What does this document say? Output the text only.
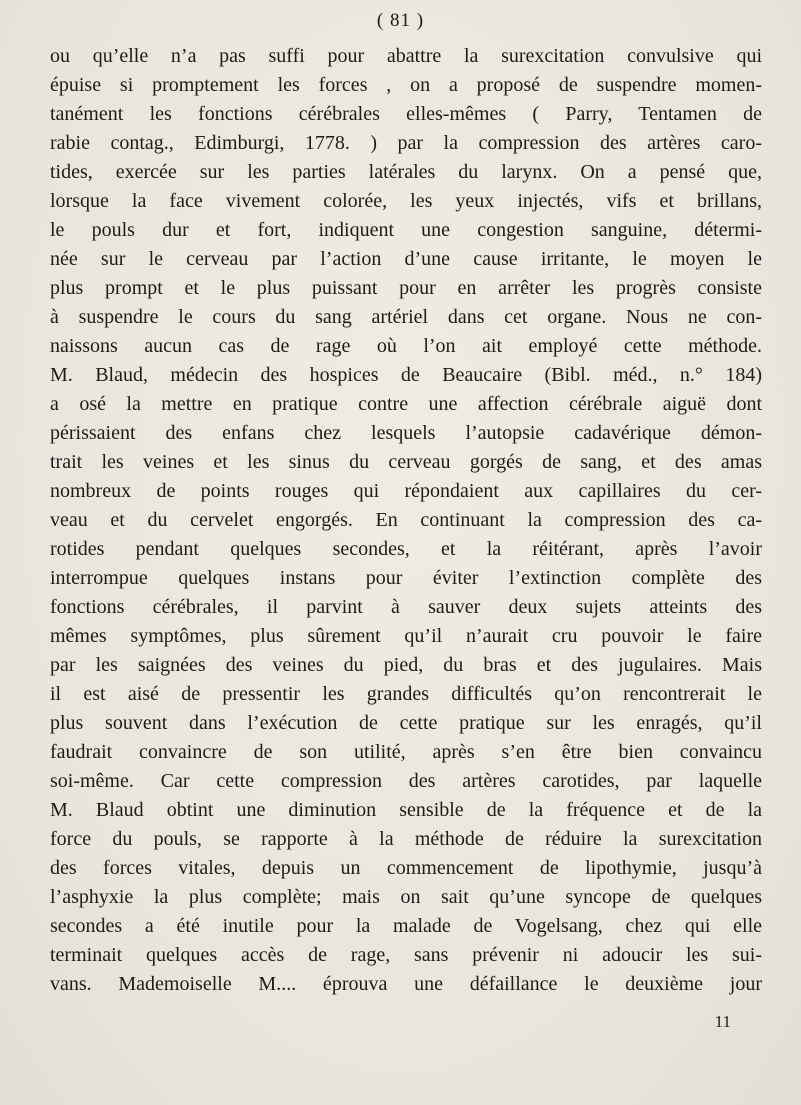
( 81 )
ou qu’elle n’a pas suffi pour abattre la surexcitation convulsive qui
épuise si promptement les forces , on a proposé de suspendre momen-
tanément les fonctions cérébrales elles-mêmes ( Parry, Tentamen de
rabie contag., Edimburgi, 1778. ) par la compression des artères caro-
tides, exercée sur les parties latérales du larynx. On a pensé que,
lorsque la face vivement colorée, les yeux injectés, vifs et brillans,
le pouls dur et fort, indiquent une congestion sanguine, détermi-
née sur le cerveau par l’action d’une cause irritante, le moyen le
plus prompt et le plus puissant pour en arrêter les progrès consiste
à suspendre le cours du sang artériel dans cet organe. Nous ne con-
naissons aucun cas de rage où l’on ait employé cette méthode.
M. Blaud, médecin des hospices de Beaucaire (Bibl. méd., n.° 184)
a osé la mettre en pratique contre une affection cérébrale aiguë dont
périssaient des enfans chez lesquels l’autopsie cadavérique démon-
trait les veines et les sinus du cerveau gorgés de sang, et des amas
nombreux de points rouges qui répondaient aux capillaires du cer-
veau et du cervelet engorgés. En continuant la compression des ca-
rotides pendant quelques secondes, et la réitérant, après l’avoir
interrompue quelques instans pour éviter l’extinction complète des
fonctions cérébrales, il parvint à sauver deux sujets atteints des
mêmes symptômes, plus sûrement qu’il n’aurait cru pouvoir le faire
par les saignées des veines du pied, du bras et des jugulaires. Mais
il est aisé de pressentir les grandes difficultés qu’on rencontrerait le
plus souvent dans l’exécution de cette pratique sur les enragés, qu’il
faudrait convaincre de son utilité, après s’en être bien convaincu
soi-même. Car cette compression des artères carotides, par laquelle
M. Blaud obtint une diminution sensible de la fréquence et de la
force du pouls, se rapporte à la méthode de réduire la surexcitation
des forces vitales, depuis un commencement de lipothymie, jusqu’à
l’asphyxie la plus complète; mais on sait qu’une syncope de quelques
secondes a été inutile pour la malade de Vogelsang, chez qui elle
terminait quelques accès de rage, sans prévenir ni adoucir les sui-
vans. Mademoiselle M.... éprouva une défaillance le deuxième jour
11
